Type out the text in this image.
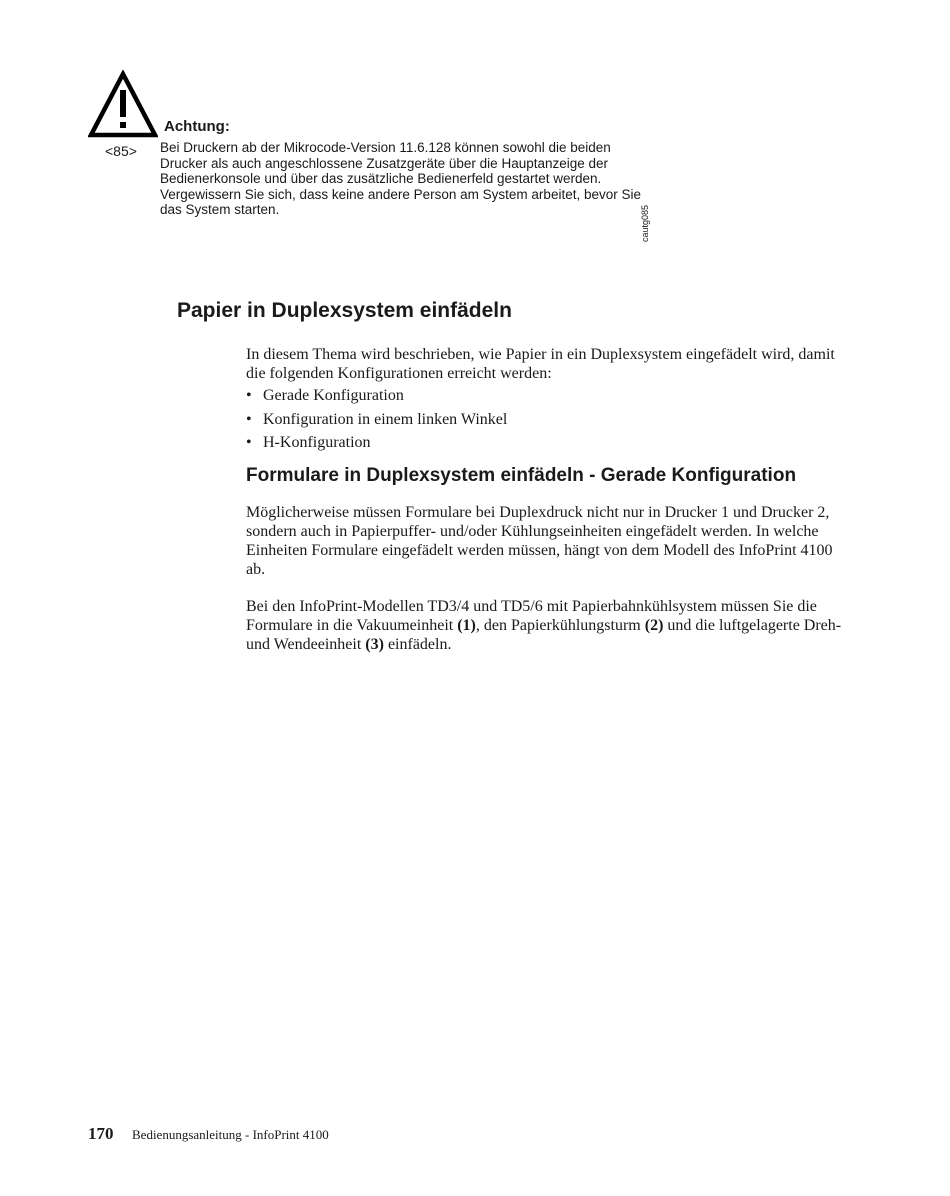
Achtung:
<85> Bei Druckern ab der Mikrocode-Version 11.6.128 können sowohl die beiden Drucker als auch angeschlossene Zusatzgeräte über die Hauptanzeige der Bedienerkonsole und über das zusätzliche Bedienerfeld gestartet werden. Vergewissern Sie sich, dass keine andere Person am System arbeitet, bevor Sie das System starten.	cautg085
Papier in Duplexsystem einfädeln
In diesem Thema wird beschrieben, wie Papier in ein Duplexsystem eingefädelt wird, damit die folgenden Konfigurationen erreicht werden:
• Gerade Konfiguration
• Konfiguration in einem linken Winkel
• H-Konfiguration
Formulare in Duplexsystem einfädeln - Gerade Konfiguration
Möglicherweise müssen Formulare bei Duplexdruck nicht nur in Drucker 1 und Drucker 2, sondern auch in Papierpuffer- und/oder Kühlungseinheiten eingefädelt werden. In welche Einheiten Formulare eingefädelt werden müssen, hängt von dem Modell des InfoPrint 4100 ab.
Bei den InfoPrint-Modellen TD3/4 und TD5/6 mit Papierbahnkühlsystem müssen Sie die Formulare in die Vakuumeinheit (1), den Papierkühlungsturm (2) und die luftgelagerte Dreh- und Wendeeinheit (3) einfädeln.
170 Bedienungsanleitung - InfoPrint 4100
